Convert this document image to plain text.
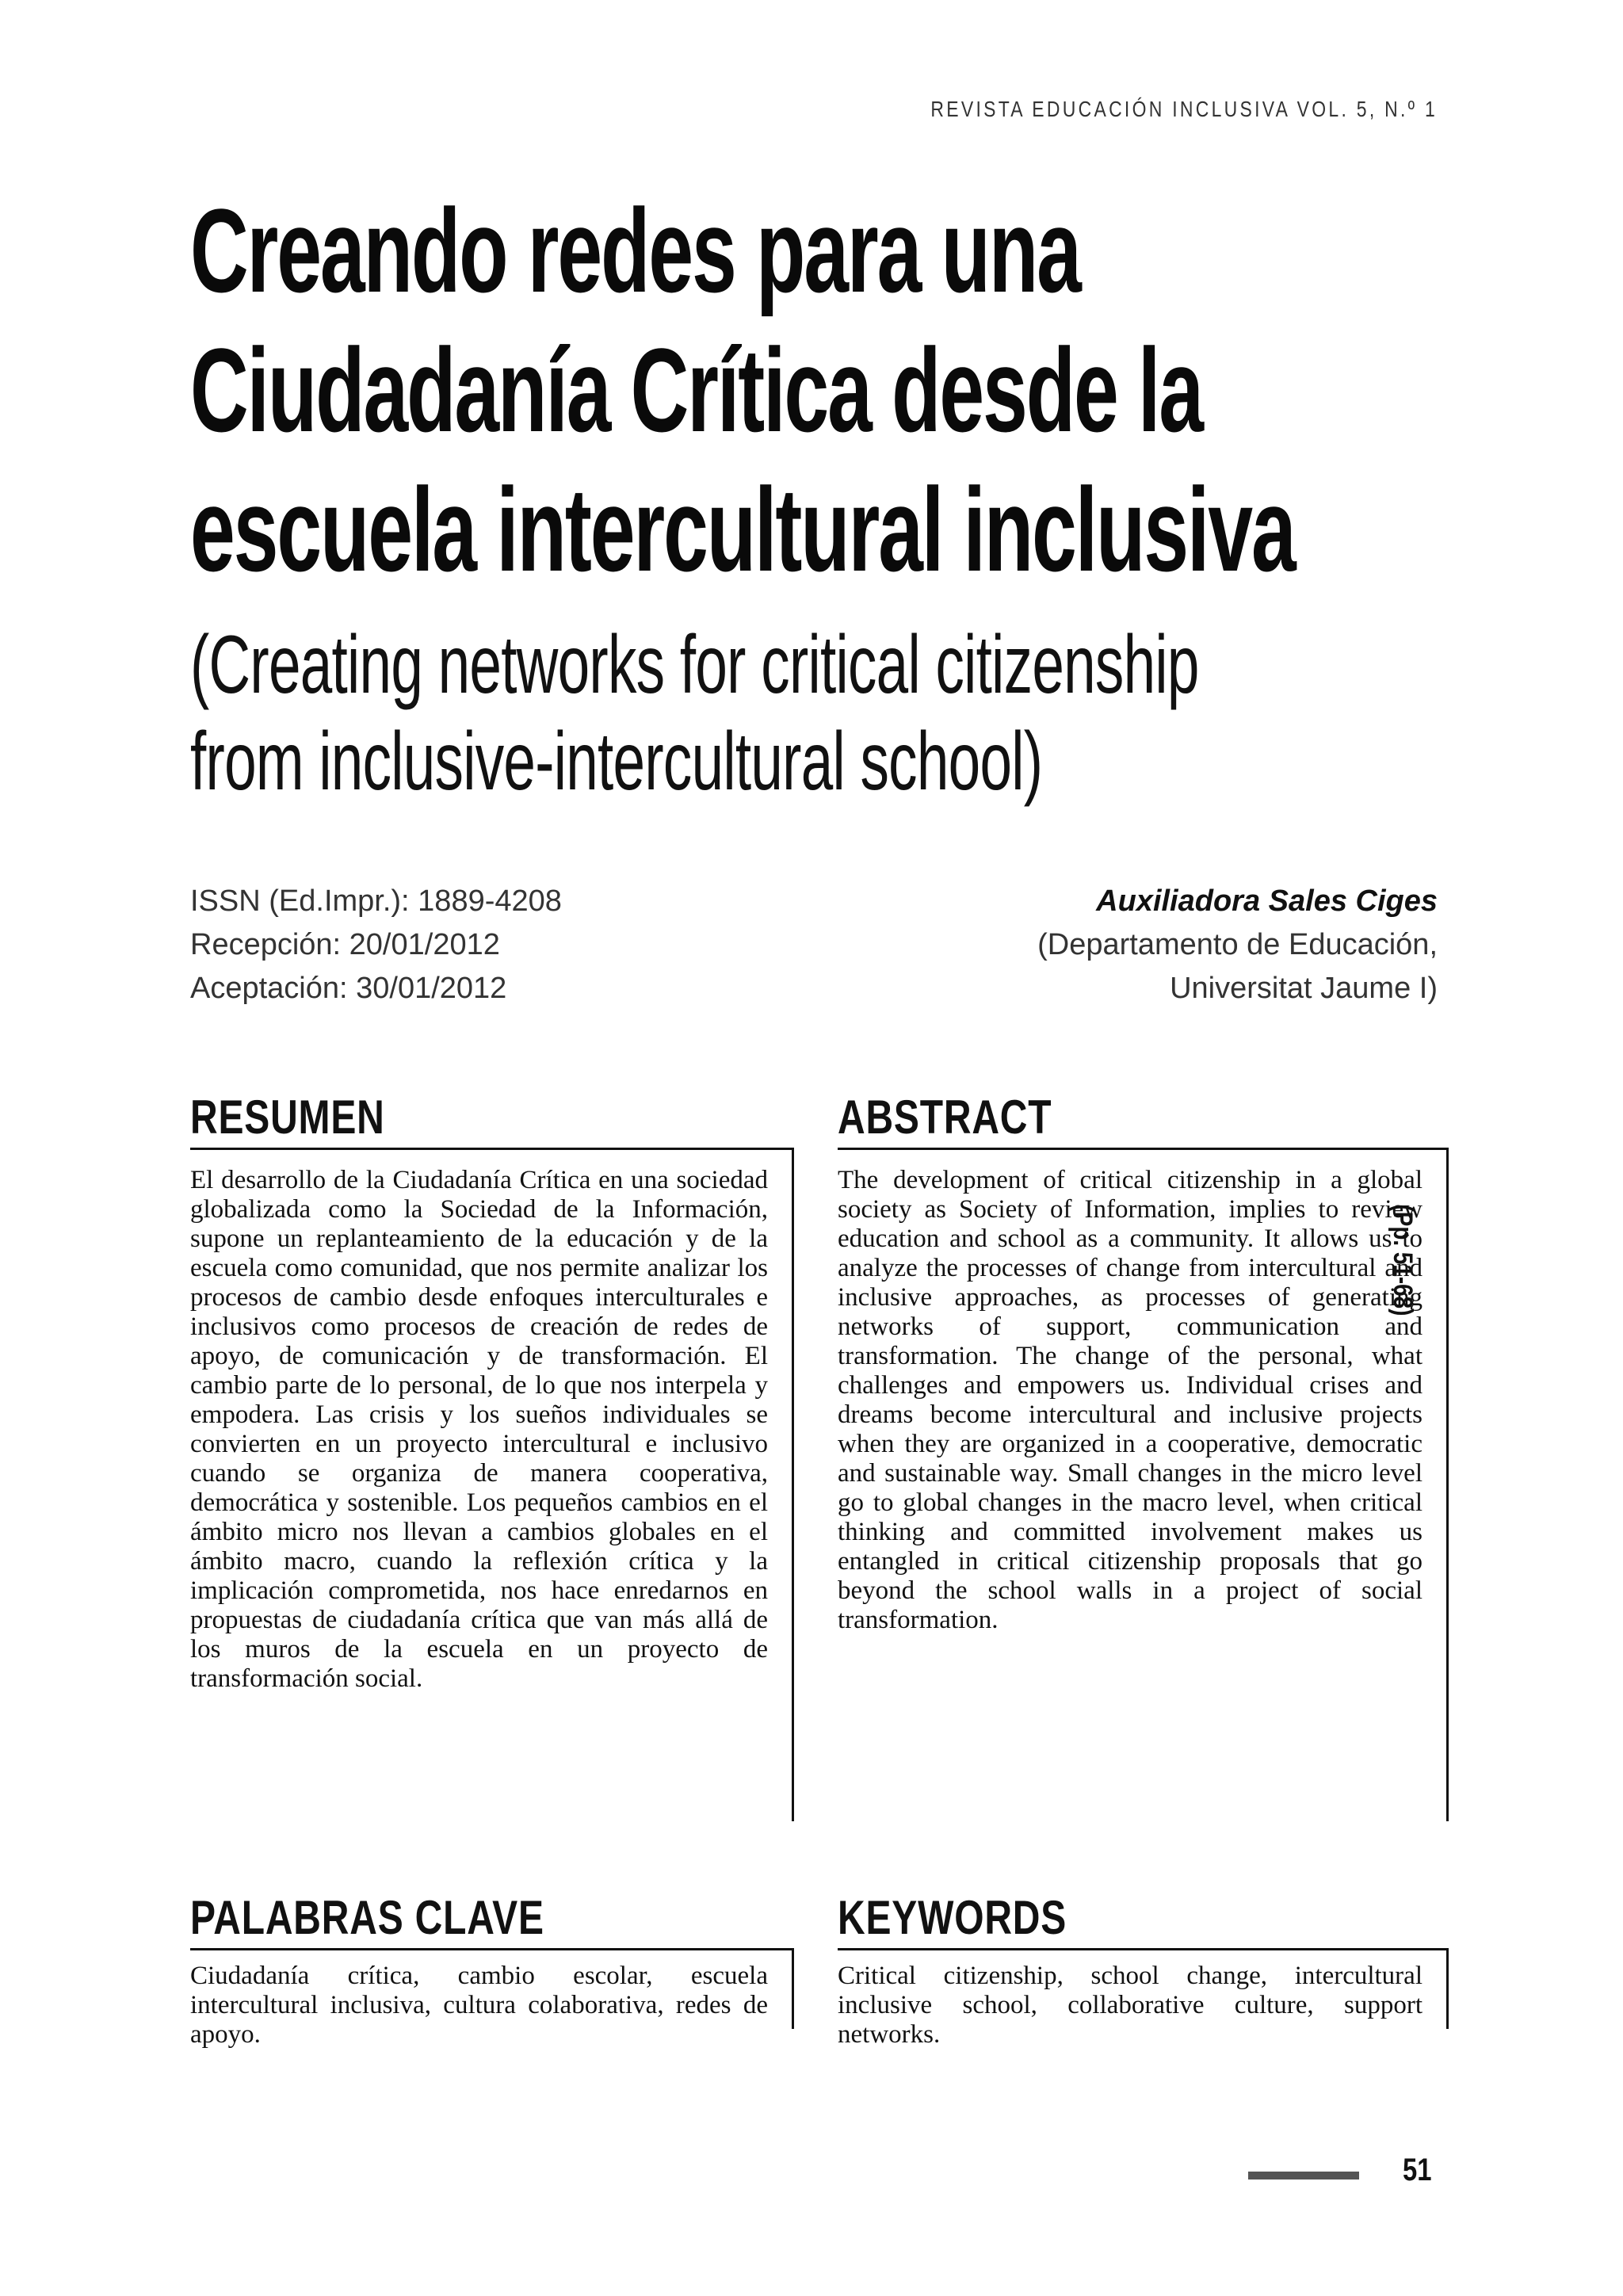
REVISTA EDUCACIÓN INCLUSIVA VOL. 5, N.º 1
Creando redes para una
Ciudadanía Crítica desde la
escuela intercultural inclusiva
(Creating networks for critical citizenship
from inclusive-intercultural school)
ISSN (Ed.Impr.): 1889-4208
Recepción: 20/01/2012
Aceptación: 30/01/2012
Auxiliadora Sales Ciges
(Departamento de Educación,
Universitat Jaume I)
RESUMEN

El desarrollo de la Ciudadanía Crítica en una sociedad globalizada como la Sociedad de la Información, supone un replanteamiento de la educación y de la escuela como comunidad, que nos permite analizar los procesos de cambio desde enfoques interculturales e inclusivos como procesos de creación de redes de apoyo, de comunicación y de transformación. El cambio parte de lo personal, de lo que nos interpela y empodera. Las crisis y los sueños individuales se convierten en un proyecto intercultural e inclusivo cuando se organiza de manera cooperativa, democrática y sostenible. Los pequeños cambios en el ámbito micro nos llevan a cambios globales en el ámbito macro, cuando la reflexión crítica y la implicación comprometida, nos hace enredarnos en propuestas de ciudadanía crítica que van más allá de los muros de la escuela en un proyecto de transformación social.

ABSTRACT

The development of critical citizenship in a global society as Society of Information, implies to review education and school as a community. It allows us to analyze the processes of change from intercultural and inclusive approaches, as processes of generating networks of support, communication and transformation. The change of the personal, what challenges and empowers us. Individual crises and dreams become intercultural and inclusive projects when they are organized in a cooperative, democratic and sustainable way. Small changes in the micro level go to global changes in the macro level, when critical thinking and committed involvement makes us entangled in critical citizenship proposals that go beyond the school walls in a project of social transformation.

(Pp. 51-68)
PALABRAS CLAVE

Ciudadanía crítica, cambio escolar, escuela intercultural inclusiva, cultura colaborativa, redes de apoyo.

KEYWORDS

Critical citizenship, school change, intercultural inclusive school, collaborative culture, support networks.

51
